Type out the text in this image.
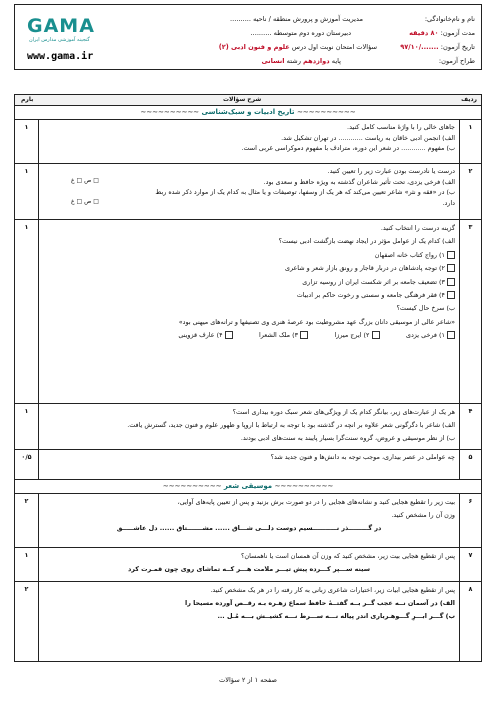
GAMA
گنجینه آموزشی مدارس ایران
www.gama.ir
نام و نام‌خانوادگی:
مدت آزمون: ۸۰ دقیقه
تاریخ آزمون: ......./۹۷/۱۰
طراح آزمون:
مدیریت آموزش و پرورش منطقه / ناحیه ..........
دبیرستان دوره دوم متوسطه ..........
سؤالات امتحان نوبت اول درس علوم و فنون ادبی (۲)
پایه دوازدهم رشته انسانی
ردیف
شرح سؤالات
بارم
~~~~~~~~~~ تاریخ ادبیات و سبک‌شناسی ~~~~~~~~~~
۱
جاهای خالی را با واژهٔ مناسب کامل کنید.
الف) انجمن ادبی خاقان به ریاست ............ در تهران تشکیل شد.
ب) مفهوم ............ در شعر این دوره، مترادف با مفهوم دموکراسی غربی است.
۱
۲
درست یا نادرست بودن عبارت زیر را تعیین کنید.
الف) فرخی یزدی، تحت تأثیر شاعران گذشته به ویژه حافظ و سعدی بود.
ب) در «فقه و نثر» شاعر تعیین می‌کند که هر یک از وسفها، توصیفات و یا مثال به کدام یک از موارد ذکر شده ربط
دارد.
ص □ غ □
ص □ غ □
۱
۳
گزینه درست را انتخاب کنید.
الف) کدام یک از عوامل مؤثر در ایجاد نهضت بازگشت ادبی نیست؟
۱) رواج کتاب خانه اصفهان
۲) توجه پادشاهان در دربار قاجار و رونق بازار شعر و شاعری
۳) تضعیف جامعه بر اثر شکست ایران از روسیه تزاری
۴) فقر فرهنگی جامعه و سستی و رخوت حاکم بر ادبیات
ب) سرخ حال کیست؟
«شاعر عالی از موسیقی دانان بزرگ عهد مشروطیت بود عرصهٔ هنری وی تصنیفها و ترانه‌های میهنی بود»
۱) فرخی یزدی              ۲) ایرج میرزا              ۳) ملک الشعرا              ۴) عارف قزوینی
۱
۴
هر یک از عبارت‌های زیر، بیانگر کدام یک از ویژگی‌های شعر سبک دوره بیداری است؟
الف) شاعر با دگرگونی شعر علاوه بر انچه در گذشته بود با توجه به ارتباط با اروپا و ظهور علوم و فنون جدید، گسترش یافت.
ب) از نظر موسیقی و عروض، گروه سنت‌گرا بسیار پایبند به سنت‌های ادبی بودند.
۱
۵
چه عواملی در عصر بیداری، موجب توجه به دانش‌ها و فنون جدید شد؟
۰/۵
~~~~~~~~~~ موسیقی شعر ~~~~~~~~~~
۶
بیت زیر را تقطیع هجایی کنید و نشانه‌های هجایی را در دو صورت برش بزنید و پس از تعیین پایه‌های آوایی،
وزن آن را مشخص کنید.
در گـــــــــذر نـــــــــــسیم دوست دلـــی شـــاق ...... مشـــــــتاق ...... دل عاشـــــق
۲
۷
پس از تقطیع هجایی بیت زیر، مشخص کنید که وزن آن همسان است یا ناهمسان؟
سینه ســـپر کـــرده پیش تیـــر ملامت هـــر کــه تماشای روی چون قمـرت کرد
۱
۸
پس از تقطیع هجایی ابیات زیر، اختیارات شاعری زبانی به کار رفته را در هر یک مشخص کنید.
الف) در آسمان نــه عجب گــر بــه گفتــهٔ حافظ سماع زهـره بـه رقــص آورده مسیحا را
ب) گـــر ابـــرِ گـــوهـرباری اندر پیاله نـــه ســـرط نـــه کشیــش بـــه مُـل ...
۲
صفحه ۱ از ۲ سؤالات
